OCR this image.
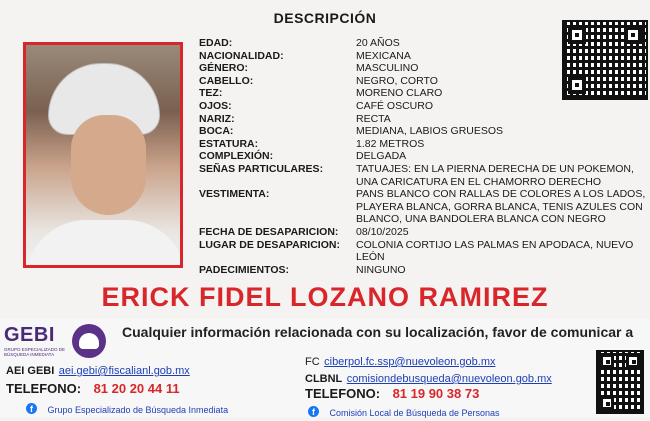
DESCRIPCIÓN
EDAD:
NACIONALIDAD:
GÉNERO:
CABELLO:
TEZ:
OJOS:
NARIZ:
BOCA:
ESTATURA:
COMPLEXIÓN:
SEÑAS PARTICULARES:
VESTIMENTA:
FECHA DE DESAPARICION:
LUGAR DE DESAPARICION:
PADECIMIENTOS:
20 AÑOS
MEXICANA
MASCULINO
NEGRO, CORTO
MORENO CLARO
CAFÉ OSCURO
RECTA
MEDIANA, LABIOS GRUESOS
1.82 METROS
DELGADA
TATUAJES: EN LA PIERNA DERECHA DE UN POKEMON, UNA CARICATURA EN EL CHAMORRO DERECHO
PANS BLANCO CON RALLAS DE COLORES A LOS LADOS, PLAYERA BLANCA, GORRA BLANCA, TENIS AZULES CON BLANCO, UNA BANDOLERA BLANCA CON NEGRO
08/10/2025
COLONIA CORTIJO LAS PALMAS EN APODACA, NUEVO LEÓN
NINGUNO
ERICK FIDEL LOZANO RAMIREZ
GEBI
GRUPO ESPECIALIZADO DE BÚSQUEDA INMEDIATA
Cualquier información relacionada con su localización, favor de comunicar a
AEI GEBI aei.gebi@fiscalianl.gob.mx
TELEFONO: 81 20 20 44 11
f Grupo Especializado de Búsqueda Inmediata
FC ciberpol.fc.ssp@nuevoleon.gob.mx
CLBNL comisiondebusqueda@nuevoleon.gob.mx
TELEFONO: 81 19 90 38 73
f Comisión Local de Búsqueda de Personas
